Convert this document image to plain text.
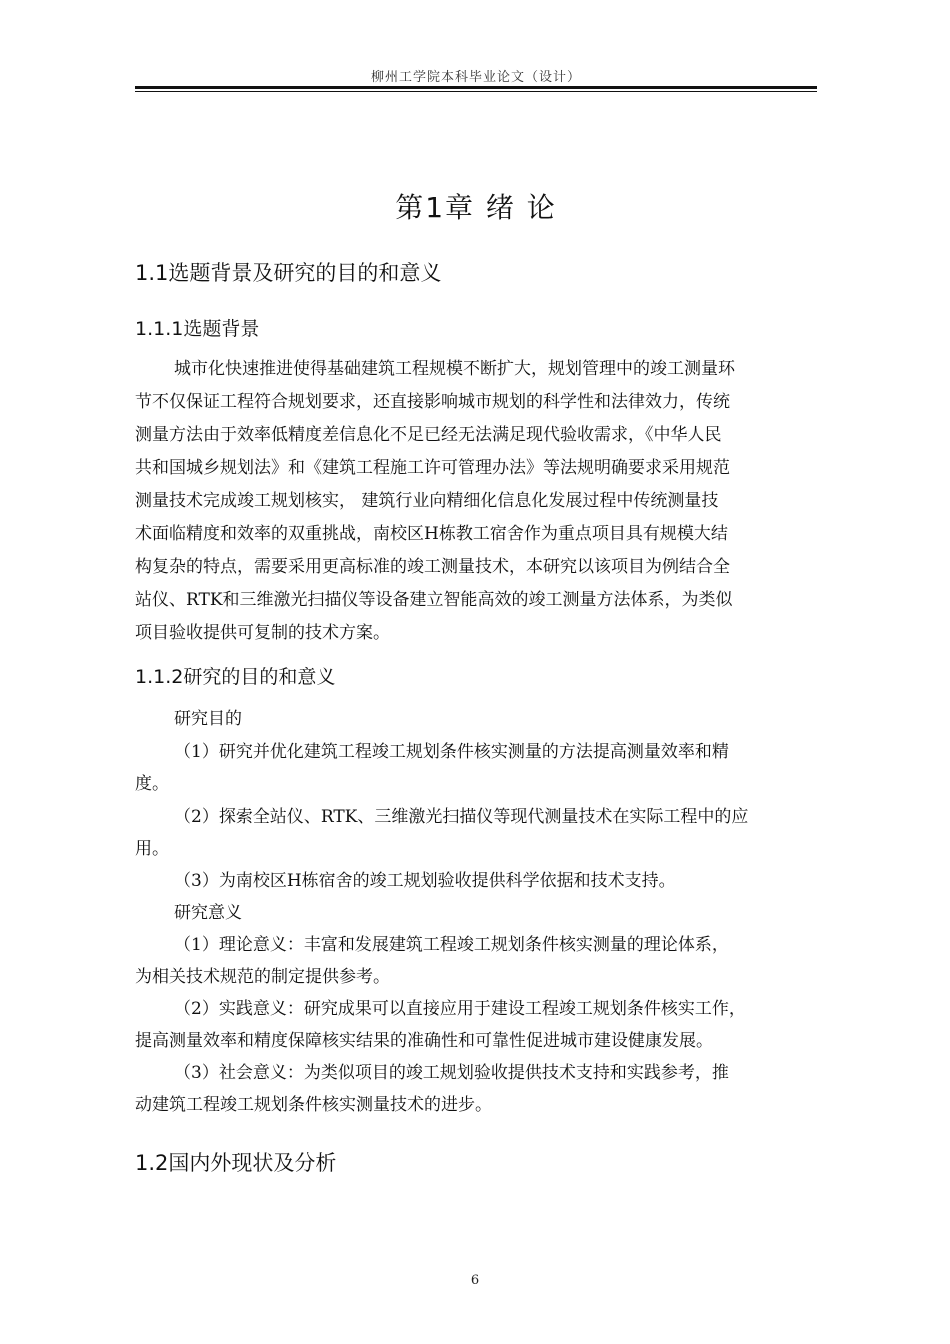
柳州工学院本科毕业论文（设计）
第1章 绪 论
1.1选题背景及研究的目的和意义
1.1.1选题背景
城市化快速推进使得基础建筑工程规模不断扩大，规划管理中的竣工测量环
节不仅保证工程符合规划要求，还直接影响城市规划的科学性和法律效力，传统
测量方法由于效率低精度差信息化不足已经无法满足现代验收需求，《中华人民
共和国城乡规划法》和《建筑工程施工许可管理办法》等法规明确要求采用规范
测量技术完成竣工规划核实， 建筑行业向精细化信息化发展过程中传统测量技
术面临精度和效率的双重挑战，南校区H栋教工宿舍作为重点项目具有规模大结
构复杂的特点，需要采用更高标准的竣工测量技术，本研究以该项目为例结合全
站仪、RTK和三维激光扫描仪等设备建立智能高效的竣工测量方法体系，为类似
项目验收提供可复制的技术方案。
1.1.2研究的目的和意义
研究目的
（1）研究并优化建筑工程竣工规划条件核实测量的方法提高测量效率和精
度。
（2）探索全站仪、RTK、三维激光扫描仪等现代测量技术在实际工程中的应
用。
（3）为南校区H栋宿舍的竣工规划验收提供科学依据和技术支持。
研究意义
（1）理论意义：丰富和发展建筑工程竣工规划条件核实测量的理论体系，
为相关技术规范的制定提供参考。
（2）实践意义：研究成果可以直接应用于建设工程竣工规划条件核实工作，
提高测量效率和精度保障核实结果的准确性和可靠性促进城市建设健康发展。
（3）社会意义：为类似项目的竣工规划验收提供技术支持和实践参考，推
动建筑工程竣工规划条件核实测量技术的进步。
1.2国内外现状及分析
6
